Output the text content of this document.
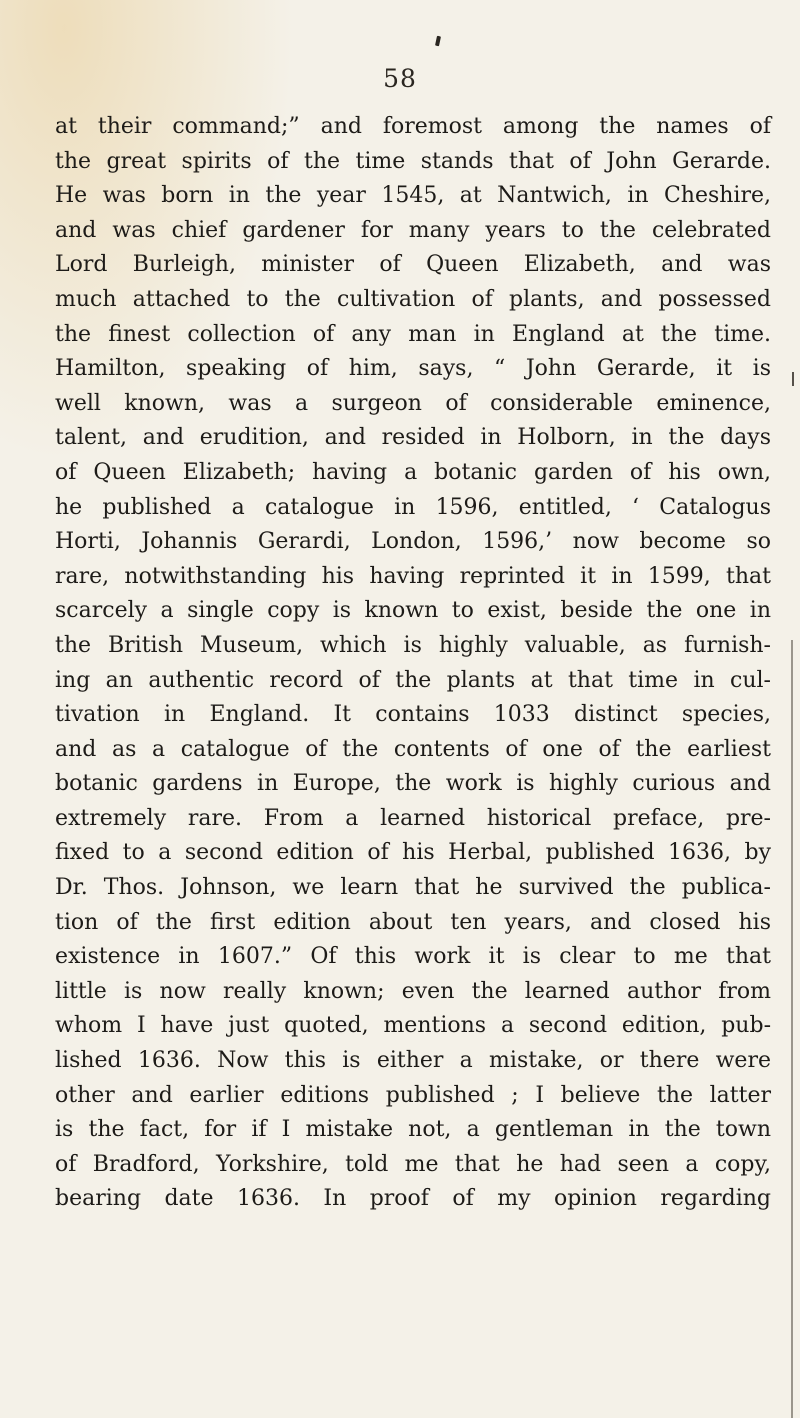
58
at their command;” and foremost among the names of
the great spirits of the time stands that of John Gerarde.
He was born in the year 1545, at Nantwich, in Cheshire,
and was chief gardener for many years to the celebrated
Lord Burleigh, minister of Queen Elizabeth, and was
much attached to the cultivation of plants, and possessed
the finest collection of any man in England at the time.
Hamilton, speaking of him, says, “ John Gerarde, it is
well known, was a surgeon of considerable eminence,
talent, and erudition, and resided in Holborn, in the days
of Queen Elizabeth; having a botanic garden of his own,
he published a catalogue in 1596, entitled, ‘ Catalogus
Horti, Johannis Gerardi, London, 1596,’ now become so
rare, notwithstanding his having reprinted it in 1599, that
scarcely a single copy is known to exist, beside the one in
the British Museum, which is highly valuable, as furnish-
ing an authentic record of the plants at that time in cul-
tivation in England. It contains 1033 distinct species,
and as a catalogue of the contents of one of the earliest
botanic gardens in Europe, the work is highly curious and
extremely rare. From a learned historical preface, pre-
fixed to a second edition of his Herbal, published 1636, by
Dr. Thos. Johnson, we learn that he survived the publica-
tion of the first edition about ten years, and closed his
existence in 1607.” Of this work it is clear to me that
little is now really known; even the learned author from
whom I have just quoted, mentions a second edition, pub-
lished 1636. Now this is either a mistake, or there were
other and earlier editions published ; I believe the latter
is the fact, for if I mistake not, a gentleman in the town
of Bradford, Yorkshire, told me that he had seen a copy,
bearing date 1636. In proof of my opinion regarding
